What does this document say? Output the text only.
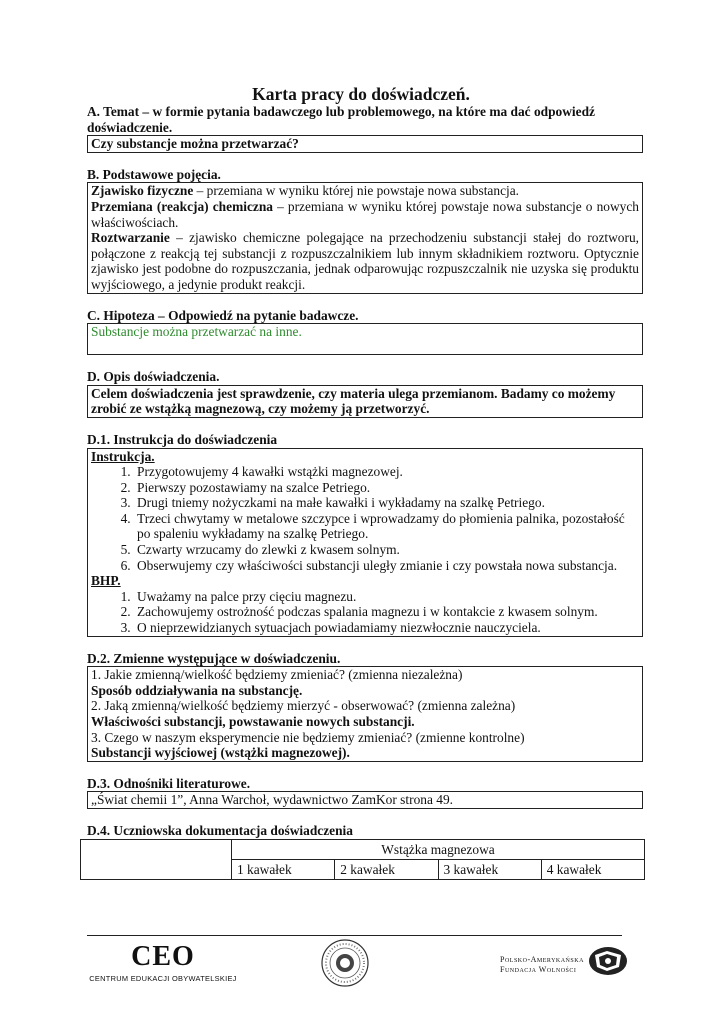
Karta pracy do doświadczeń.
A. Temat – w formie pytania badawczego lub problemowego, na które ma dać odpowiedź doświadczenie.
Czy substancje można przetwarzać?
B. Podstawowe pojęcia.
Zjawisko fizyczne – przemiana w wyniku której nie powstaje nowa substancja.
Przemiana (reakcja) chemiczna – przemiana w wyniku której powstaje nowa substancje o nowych właściwościach.
Roztwarzanie – zjawisko chemiczne polegające na przechodzeniu substancji stałej do roztworu, połączone z reakcją tej substancji z rozpuszczalnikiem lub innym składnikiem roztworu. Optycznie zjawisko jest podobne do rozpuszczania, jednak odparowując rozpuszczalnik nie uzyska się produktu wyjściowego, a jedynie produkt reakcji.
C. Hipoteza – Odpowiedź na pytanie badawcze.
Substancje można przetwarzać na inne.
D. Opis doświadczenia.
Celem doświadczenia jest sprawdzenie, czy materia ulega przemianom. Badamy co możemy zrobić ze wstążką magnezową, czy możemy ją przetworzyć.
D.1. Instrukcja do doświadczenia
Instrukcja.
1. Przygotowujemy 4 kawałki wstążki magnezowej.
2. Pierwszy pozostawiamy na szalce Petriego.
3. Drugi tniemy nożyczkami na małe kawałki i wykładamy na szalkę Petriego.
4. Trzeci chwytamy w metalowe szczypce i wprowadzamy do płomienia palnika, pozostałość po spaleniu wykładamy na szalkę Petriego.
5. Czwarty wrzucamy do zlewki z kwasem solnym.
6. Obserwujemy czy właściwości substancji uległy zmianie i czy powstała nowa substancja.
BHP.
1. Uważamy na palce przy cięciu magnezu.
2. Zachowujemy ostrożność podczas spalania magnezu i w kontakcie z kwasem solnym.
3. O nieprzewidzianych sytuacjach powiadamiamy niezwłocznie nauczyciela.
D.2. Zmienne występujące w doświadczeniu.
1. Jakie zmienną/wielkość będziemy zmieniać? (zmienna niezależna)
Sposób oddziaływania na substancję.
2. Jaką zmienną/wielkość będziemy mierzyć - obserwować? (zmienna zależna)
Właściwości substancji, powstawanie nowych substancji.
3. Czego w naszym eksperymencie nie będziemy zmieniać? (zmienne kontrolne)
Substancji wyjściowej (wstążki magnezowej).
D.3. Odnośniki literaturowe.
„Świat chemii 1”, Anna Warchoł, wydawnictwo ZamKor strona 49.
D.4. Uczniowska dokumentacja doświadczenia
	Wstążka magnezowa			
	1 kawałek	2 kawałek	3 kawałek	4 kawałek
CEO
CENTRUM EDUKACJI OBYWATELSKIEJ
Polsko-Amerykańska
Fundacja Wolności
